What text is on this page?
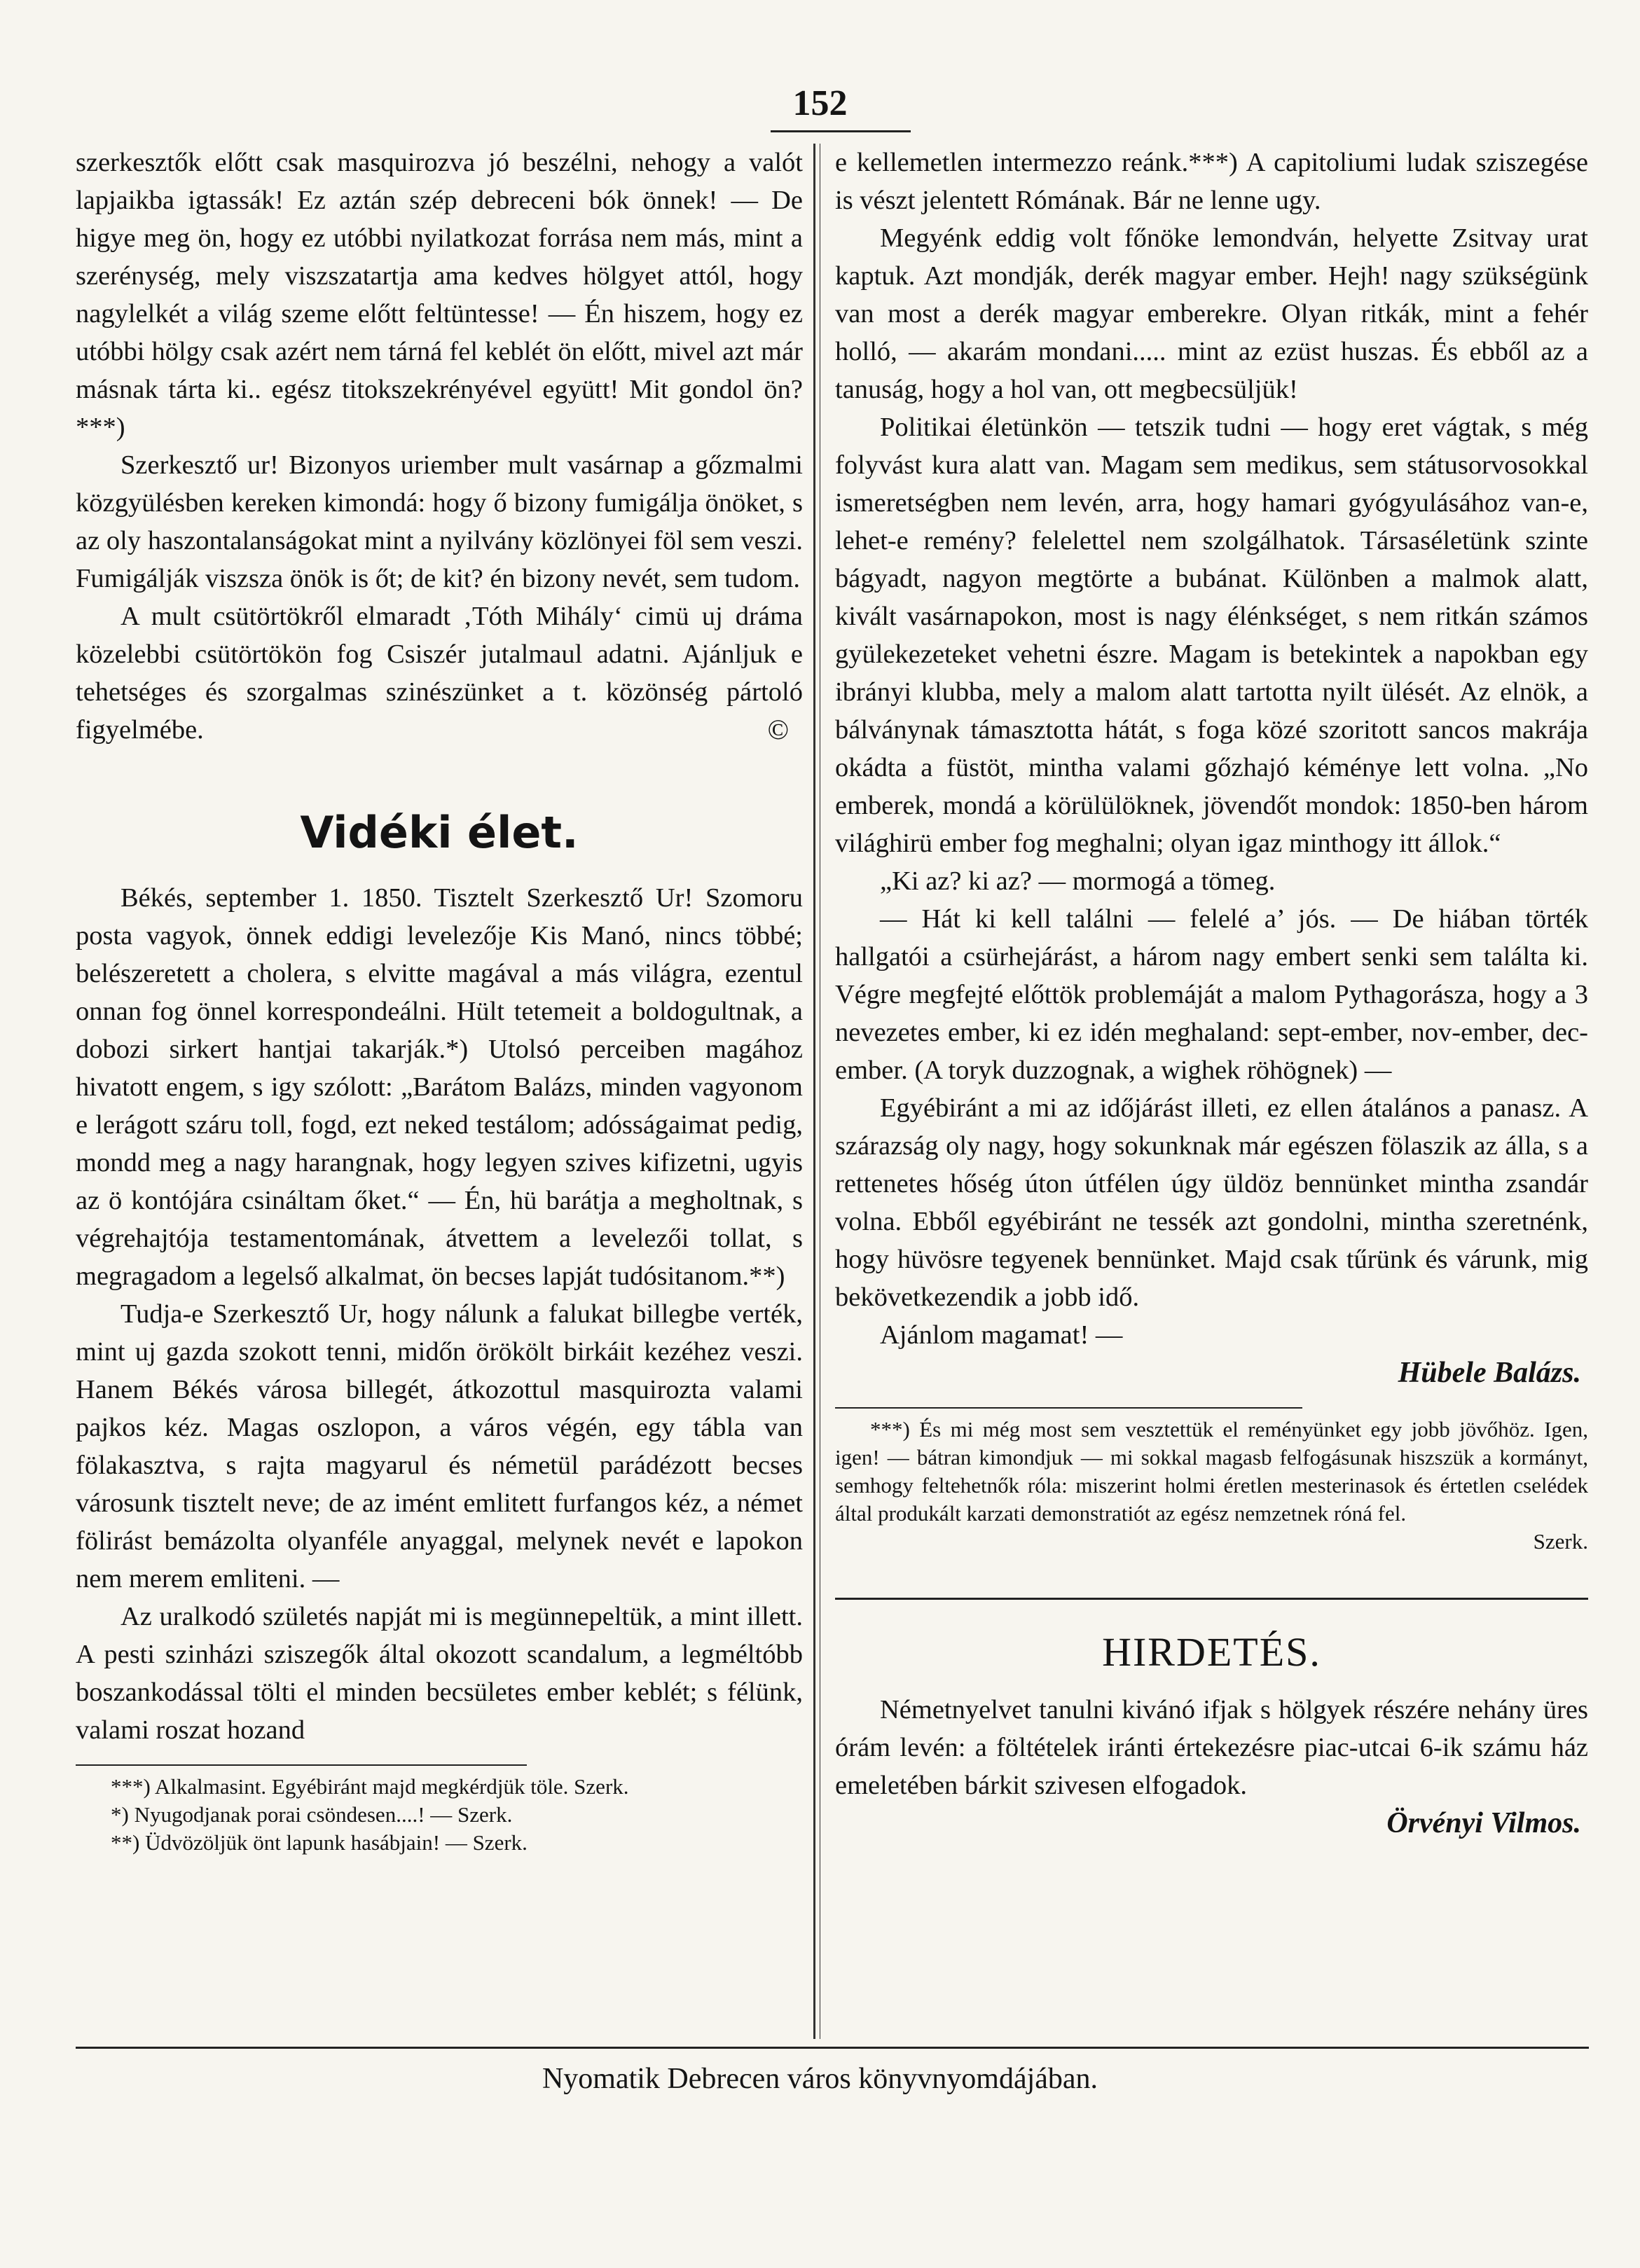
152

szerkesztők előtt csak masquirozva jó beszélni, nehogy a valót lapjaikba igtassák! Ez aztán szép debreceni bók önnek! — De higye meg ön, hogy ez utóbbi nyilatkozat forrása nem más, mint a szerénység, mely viszszatartja ama kedves hölgyet attól, hogy nagylelkét a világ szeme előtt feltüntesse! — Én hiszem, hogy ez utóbbi hölgy csak azért nem tárná fel keblét ön előtt, mivel azt már másnak tárta ki.. egész titokszekrényével együtt! Mit gondol ön?***)

Szerkesztő ur! Bizonyos uriember mult vasárnap a gőzmalmi közgyülésben kereken kimondá: hogy ő bizony fumigálja önöket, s az oly haszontalanságokat mint a nyilvány közlönyei föl sem veszi. Fumigálják viszsza önök is őt; de kit? én bizony nevét, sem tudom.

A mult csütörtökről elmaradt ‚Tóth Mihály‘ cimü uj dráma közelebbi csütörtökön fog Csiszér jutalmaul adatni. Ajánljuk e tehetséges és szorgalmas szinészünket a t. közönség pártoló figyelmébe.	©

Vidéki élet.

Békés, september 1. 1850. Tisztelt Szerkesztő Ur! Szomoru posta vagyok, önnek eddigi levelezője Kis Manó, nincs többé; belészeretett a cholera, s elvitte magával a más világra, ezentul onnan fog önnel korrespondeálni. Hült tetemeit a boldogultnak, a dobozi sirkert hantjai takarják.*) Utolsó perceiben magához hivatott engem, s igy szólott: „Barátom Balázs, minden vagyonom e lerágott száru toll, fogd, ezt neked testálom; adósságaimat pedig, mondd meg a nagy harangnak, hogy legyen szives kifizetni, ugyis az ö kontójára csináltam őket.“ — Én, hü barátja a megholtnak, s végrehajtója testamentomának, átvettem a levelezői tollat, s megragadom a legelső alkalmat, ön becses lapját tudósitanom.**)

Tudja-e Szerkesztő Ur, hogy nálunk a falukat billegbe verték, mint uj gazda szokott tenni, midőn örökölt birkáit kezéhez veszi. Hanem Békés városa billegét, átkozottul masquirozta valami pajkos kéz. Magas oszlopon, a város végén, egy tábla van fölakasztva, s rajta magyarul és németül parádézott becses városunk tisztelt neve; de az imént emlitett furfangos kéz, a német fölirást bemázolta olyanféle anyaggal, melynek nevét e lapokon nem merem emliteni. —

Az uralkodó születés napját mi is megünnepeltük, a mint illett. A pesti szinházi sziszegők által okozott scandalum, a legméltóbb boszankodással tölti el minden becsületes ember keblét; s félünk, valami roszat hozand

***) Alkalmasint. Egyébiránt majd megkérdjük töle. Szerk.

*) Nyugodjanak porai csöndesen....! — Szerk.

**) Üdvözöljük önt lapunk hasábjain! — Szerk.

e kellemetlen intermezzo reánk.***) A capitoliumi ludak sziszegése is vészt jelentett Rómának. Bár ne lenne ugy.

Megyénk eddig volt főnöke lemondván, helyette Zsitvay urat kaptuk. Azt mondják, derék magyar ember. Hejh! nagy szükségünk van most a derék magyar emberekre. Olyan ritkák, mint a fehér holló, — akarám mondani..... mint az ezüst huszas. És ebből az a tanuság, hogy a hol van, ott megbecsüljük!

Politikai életünkön — tetszik tudni — hogy eret vágtak, s még folyvást kura alatt van. Magam sem medikus, sem státusorvosokkal ismeretségben nem levén, arra, hogy hamari gyógyulásához van-e, lehet-e remény? felelettel nem szolgálhatok. Társaséletünk szinte bágyadt, nagyon megtörte a bubánat. Különben a malmok alatt, kivált vasárnapokon, most is nagy élénkséget, s nem ritkán számos gyülekezeteket vehetni észre. Magam is betekintek a napokban egy ibrányi klubba, mely a malom alatt tartotta nyilt ülését. Az elnök, a bálványnak támasztotta hátát, s foga közé szoritott sancos makrája okádta a füstöt, mintha valami gőzhajó kéménye lett volna. „No emberek, mondá a körülülöknek, jövendőt mondok: 1850-ben három világhirü ember fog meghalni; olyan igaz minthogy itt állok.“

„Ki az? ki az? — mormogá a tömeg.

— Hát ki kell találni — felelé a’ jós. — De hiában törték hallgatói a csürhejárást, a három nagy embert senki sem találta ki. Végre megfejté előttök problemáját a malom Pythagorásza, hogy a 3 nevezetes ember, ki ez idén meghaland: sept-ember, nov-ember, dec-ember. (A toryk duzzognak, a wighek röhögnek) —

Egyébiránt a mi az időjárást illeti, ez ellen átalános a panasz. A szárazság oly nagy, hogy sokunknak már egészen fölaszik az álla, s a rettenetes hőség úton útfélen úgy üldöz bennünket mintha zsandár volna. Ebből egyébiránt ne tessék azt gondolni, mintha szeretnénk, hogy hüvösre tegyenek bennünket. Majd csak tűrünk és várunk, mig bekövetkezendik a jobb idő.

Ajánlom magamat! —

Hübele Balázs.

***) És mi még most sem vesztettük el reményünket egy jobb jövőhöz. Igen, igen! — bátran kimondjuk — mi sokkal magasb felfogásunak hiszszük a kormányt, semhogy feltehetnők róla: miszerint holmi éretlen mesterinasok és értetlen cselédek által produkált karzati demonstratiót az egész nemzetnek róná fel.

Szerk.

HIRDETÉS.

Németnyelvet tanulni kivánó ifjak s hölgyek részére nehány üres órám levén: a föltételek iránti értekezésre piac-utcai 6-ik számu ház emeletében bárkit szivesen elfogadok.

Örvényi Vilmos.
Nyomatik Debrecen város könyvnyomdájában.
